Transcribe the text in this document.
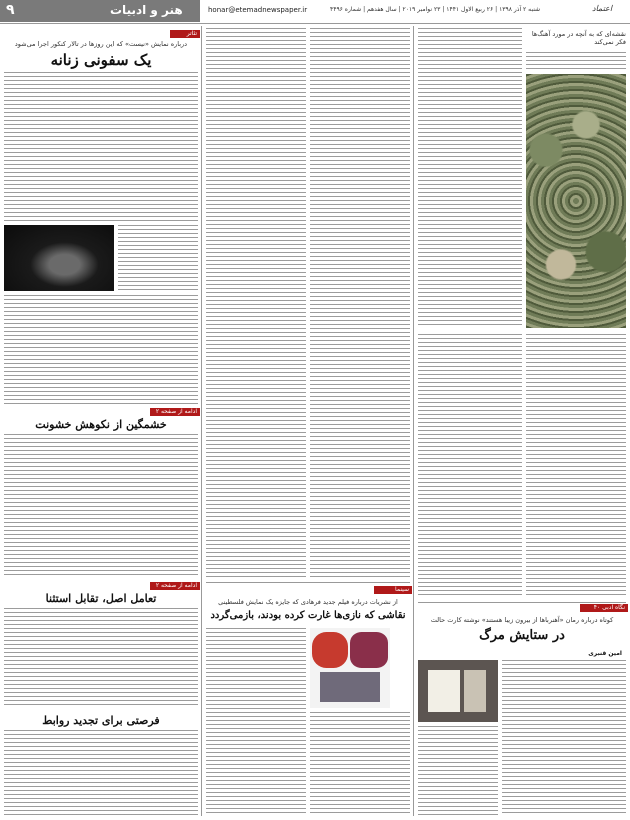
۹	هنر و ادبیات	honar@etemadnewspaper.ir	شنبه ۲ آذر ۱۳۹۸ | ۲۶ ربیع الاول ۱۴۴۱ | ۲۳ نوامبر ۲۰۱۹ | سال هفدهم | شماره ۴۴۹۶	اعتماد
تئاتر
درباره نمایش «نیست» که این روزها در تالار کنکور اجرا می‌شود
یک سفونی زنانه
ادامه از صفحه ۲
خشمگین از نکوهش خشونت
ادامه از صفحه ۲
تعامل اصل، تقابل استثنا
فرصتی برای تجدید روابط
سینما
از نشریات درباره فیلم جدید فرهادی که جایزه یک نمایش فلسطینی
نقاشی که نازی‌ها غارت کرده بودند، بازمی‌گردد
نقشه‌ای که به آنچه در مورد آهنگ‌ها فکر نمی‌کند
نگاه ادبی ۴۰
کوتاه درباره رمان «آهنرباها از بیرون زیبا هستند» نوشته کارت حالت
در ستایش مرگ
امین قنبری
